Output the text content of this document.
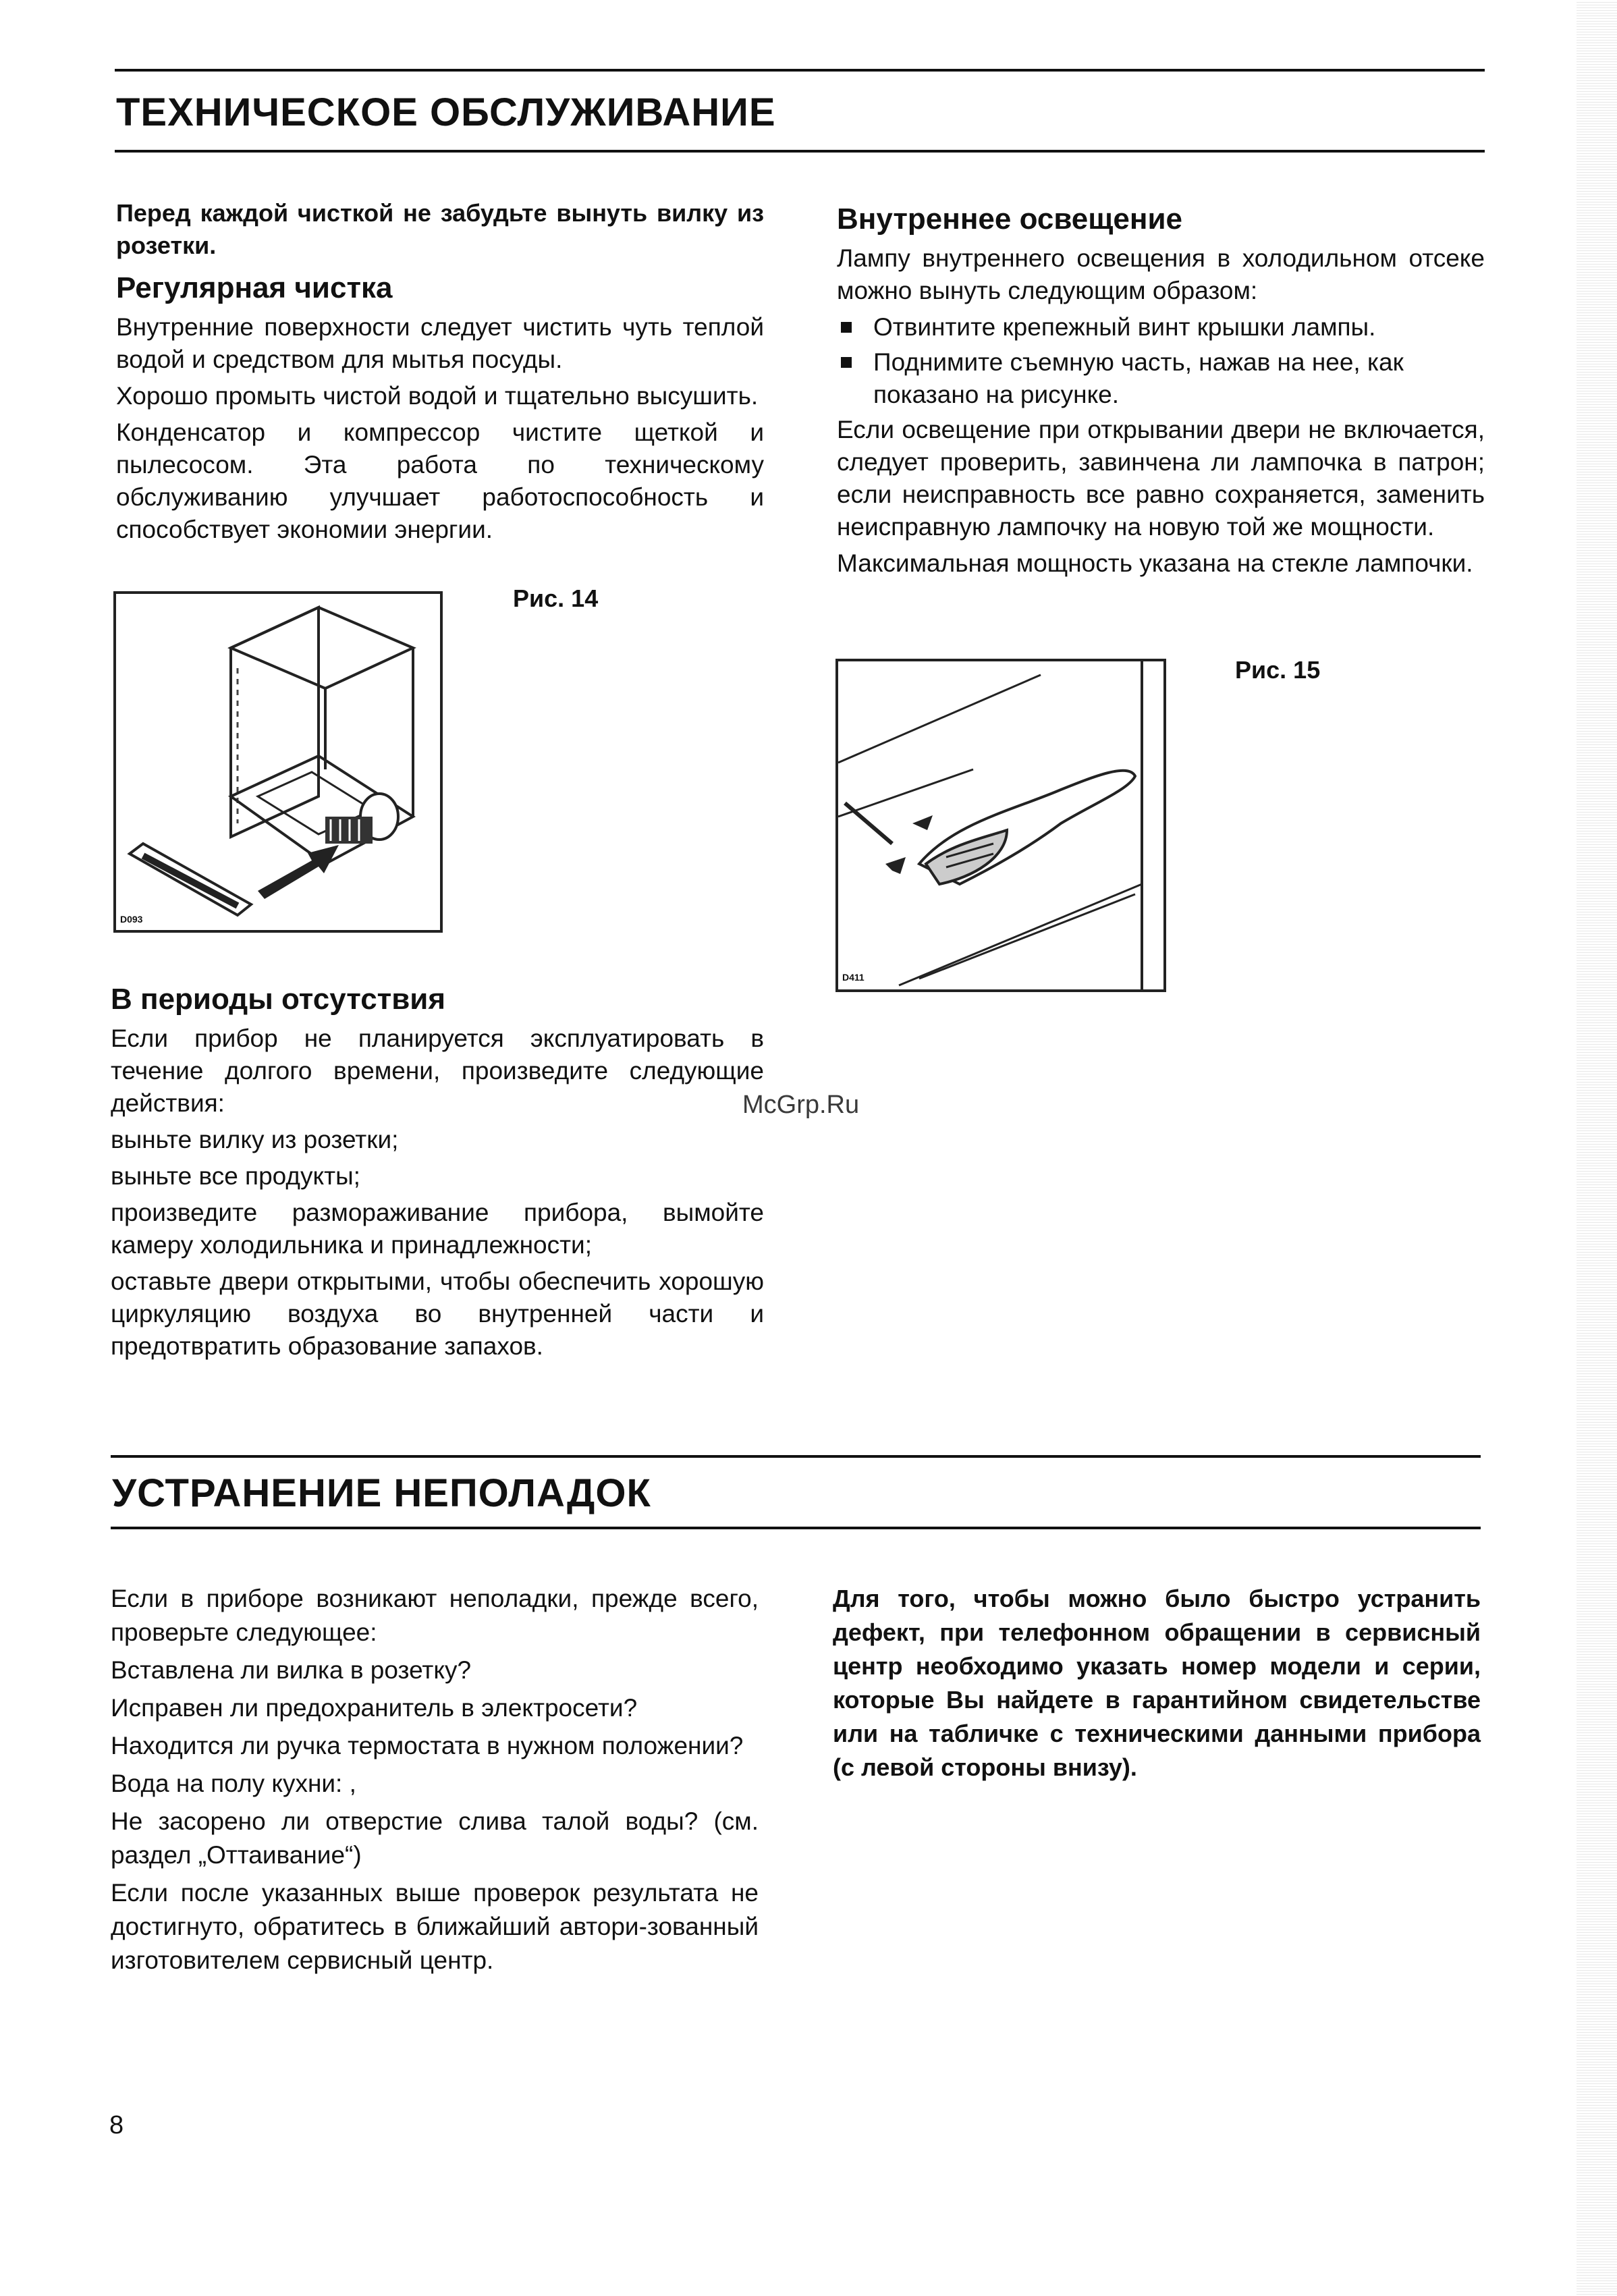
ТЕХНИЧЕСКОЕ ОБСЛУЖИВАНИЕ

Перед каждой чисткой не забудьте вынуть вилку из розетки.

Регулярная чистка

Внутренние поверхности следует чистить чуть теплой водой и средством для мытья посуды.

Хорошо промыть чистой водой и тщательно высушить.

Конденсатор и компрессор чистите щеткой и пылесосом. Эта работа по техническому обслуживанию улучшает работоспособность и способствует экономии энергии.

D093
Рис. 14
В периоды отсутствия

Если прибор не планируется эксплуатировать в течение долгого времени, произведите следующие действия:

выньте вилку из розетки;

выньте все продукты;

произведите размораживание прибора, вымойте камеру холодильника и принадлежности;

оставьте двери открытыми, чтобы обеспечить хорошую циркуляцию воздуха во внутренней части и предотвратить образование запахов.

Внутреннее освещение

Лампу внутреннего освещения в холодильном отсеке можно вынуть следующим образом:

Отвинтите крепежный винт крышки лампы.
Поднимите съемную часть, нажав на нее, как показано на рисунке.

Если освещение при открывании двери не включается, следует проверить, завинчена ли лампочка в патрон; если неисправность все равно сохраняется, заменить неисправную лампочку на новую той же мощности.

Максимальная мощность указана на стекле лампочки.

D411
Рис. 15
McGrp.Ru
УСТРАНЕНИЕ НЕПОЛАДОК

Если в приборе возникают неполадки, прежде всего, проверьте следующее:

Вставлена ли вилка в розетку?

Исправен ли предохранитель в электросети?

Находится ли ручка термостата в нужном положении?

Вода на полу кухни: ,

Не засорено ли отверстие слива талой воды? (см. раздел „Оттаивание“)

Если после указанных выше проверок результата не достигнуто, обратитесь в ближайший автори-зованный изготовителем сервисный центр.

Для того, чтобы можно было быстро устранить дефект, при телефонном обращении в сервисный центр необходимо указать номер модели и серии, которые Вы найдете в гарантийном свидетельстве или на табличке с техническими данными прибора (с левой стороны внизу).

8
